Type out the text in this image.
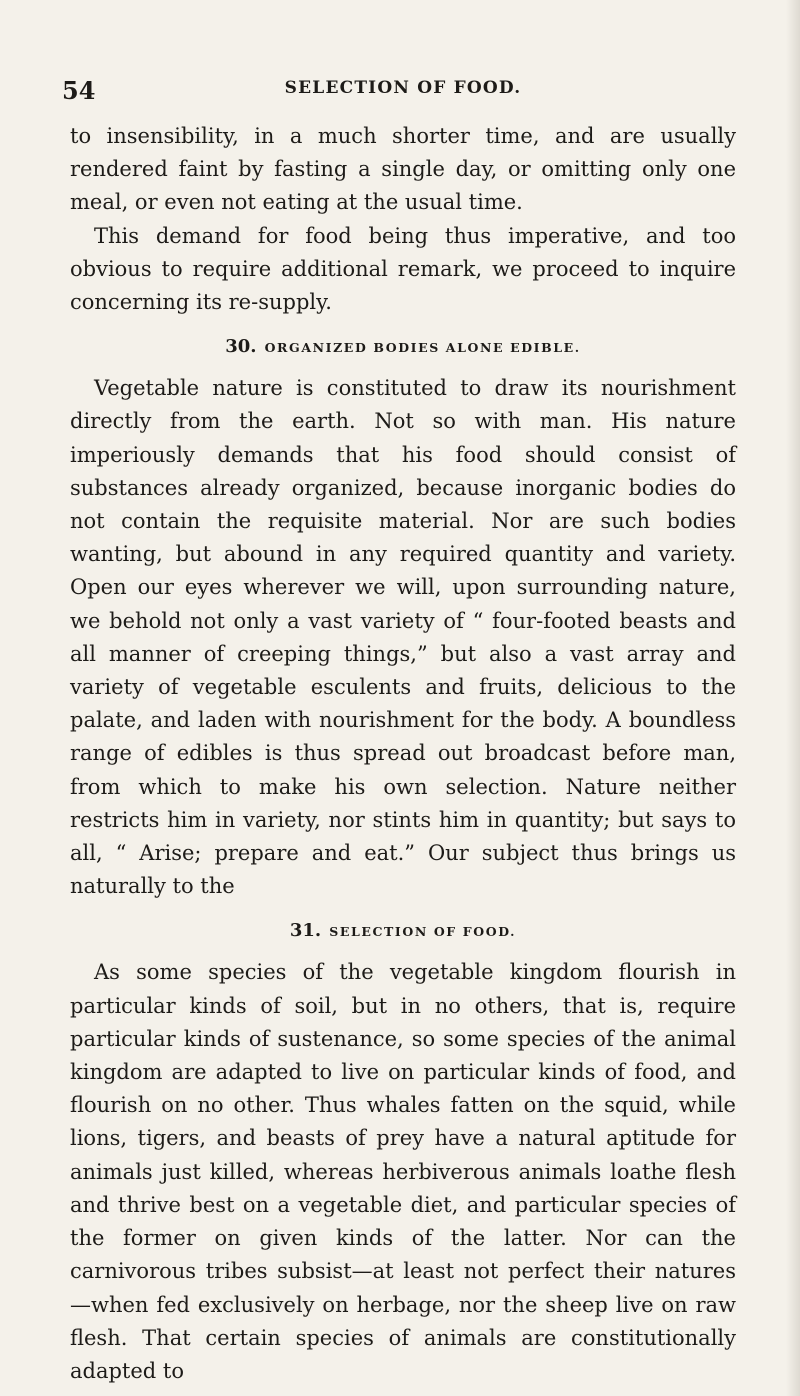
54	SELECTION OF FOOD.

to insensibility, in a much shorter time, and are usually rendered faint by fasting a single day, or omitting only one meal, or even not eating at the usual time.

This demand for food being thus imperative, and too obvious to require additional remark, we proceed to inquire concerning its re-supply.

30. ORGANIZED BODIES ALONE EDIBLE.

Vegetable nature is constituted to draw its nourishment directly from the earth. Not so with man. His nature imperiously demands that his food should consist of substances already organized, because inorganic bodies do not contain the requisite material. Nor are such bodies wanting, but abound in any required quantity and variety. Open our eyes wherever we will, upon surrounding nature, we behold not only a vast variety of “ four-footed beasts and all manner of creeping things,” but also a vast array and variety of vegetable esculents and fruits, delicious to the palate, and laden with nourishment for the body. A boundless range of edibles is thus spread out broadcast before man, from which to make his own selection. Nature neither restricts him in variety, nor stints him in quantity; but says to all, “ Arise; prepare and eat.” Our subject thus brings us naturally to the

31. SELECTION OF FOOD.

As some species of the vegetable kingdom flourish in particular kinds of soil, but in no others, that is, require particular kinds of sustenance, so some species of the animal kingdom are adapted to live on particular kinds of food, and flourish on no other. Thus whales fatten on the squid, while lions, tigers, and beasts of prey have a natural aptitude for animals just killed, whereas herbiverous animals loathe flesh and thrive best on a vegetable diet, and particular species of the former on given kinds of the latter. Nor can the carnivorous tribes subsist—at least not perfect their natures—when fed exclusively on herbage, nor the sheep live on raw flesh. That certain species of animals are constitutionally adapted to
